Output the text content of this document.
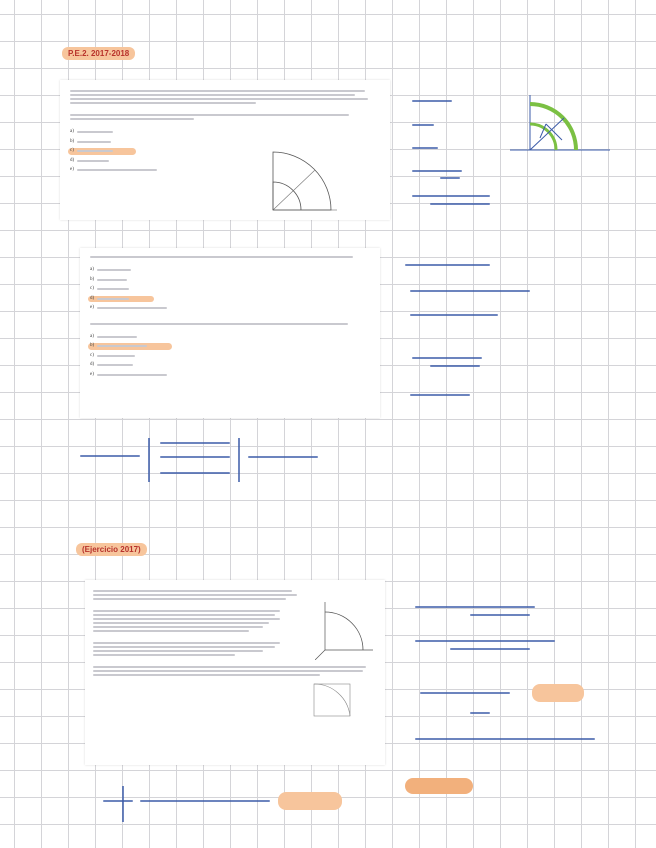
P.E.2. 2017-2018
a)
b)
c)
d)
e)
a)
b)
c)
d)
e)
a)
b)
c)
d)
e)
(Ejercicio 2017)
